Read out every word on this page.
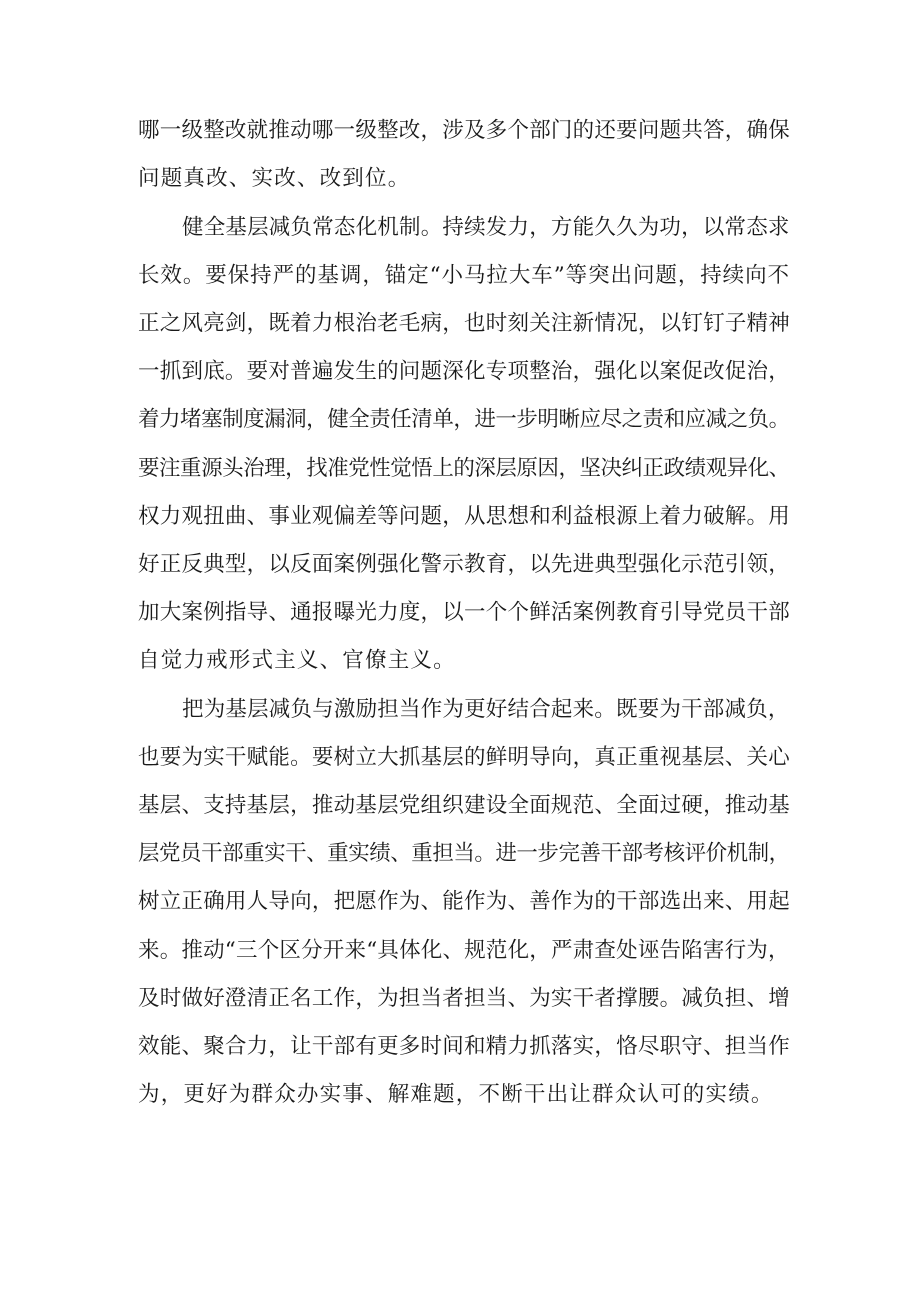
哪一级整改就推动哪一级整改，涉及多个部门的还要问题共答，确保

问题真改、实改、改到位。

健全基层减负常态化机制。持续发力，方能久久为功，以常态求

长效。要保持严的基调，锚定“小马拉大车”等突出问题，持续向不

正之风亮剑，既着力根治老毛病，也时刻关注新情况，以钉钉子精神

一抓到底。要对普遍发生的问题深化专项整治，强化以案促改促治，

着力堵塞制度漏洞，健全责任清单，进一步明晰应尽之责和应减之负。

要注重源头治理，找准党性觉悟上的深层原因，坚决纠正政绩观异化、

权力观扭曲、事业观偏差等问题，从思想和利益根源上着力破解。用

好正反典型，以反面案例强化警示教育，以先进典型强化示范引领，

加大案例指导、通报曝光力度，以一个个鲜活案例教育引导党员干部

自觉力戒形式主义、官僚主义。

把为基层减负与激励担当作为更好结合起来。既要为干部减负，

也要为实干赋能。要树立大抓基层的鲜明导向，真正重视基层、关心

基层、支持基层，推动基层党组织建设全面规范、全面过硬，推动基

层党员干部重实干、重实绩、重担当。进一步完善干部考核评价机制，

树立正确用人导向，把愿作为、能作为、善作为的干部选出来、用起

来。推动“三个区分开来“具体化、规范化，严肃查处诬告陷害行为，

及时做好澄清正名工作，为担当者担当、为实干者撑腰。减负担、增

效能、聚合力，让干部有更多时间和精力抓落实，恪尽职守、担当作

为，更好为群众办实事、解难题，不断干出让群众认可的实绩。
